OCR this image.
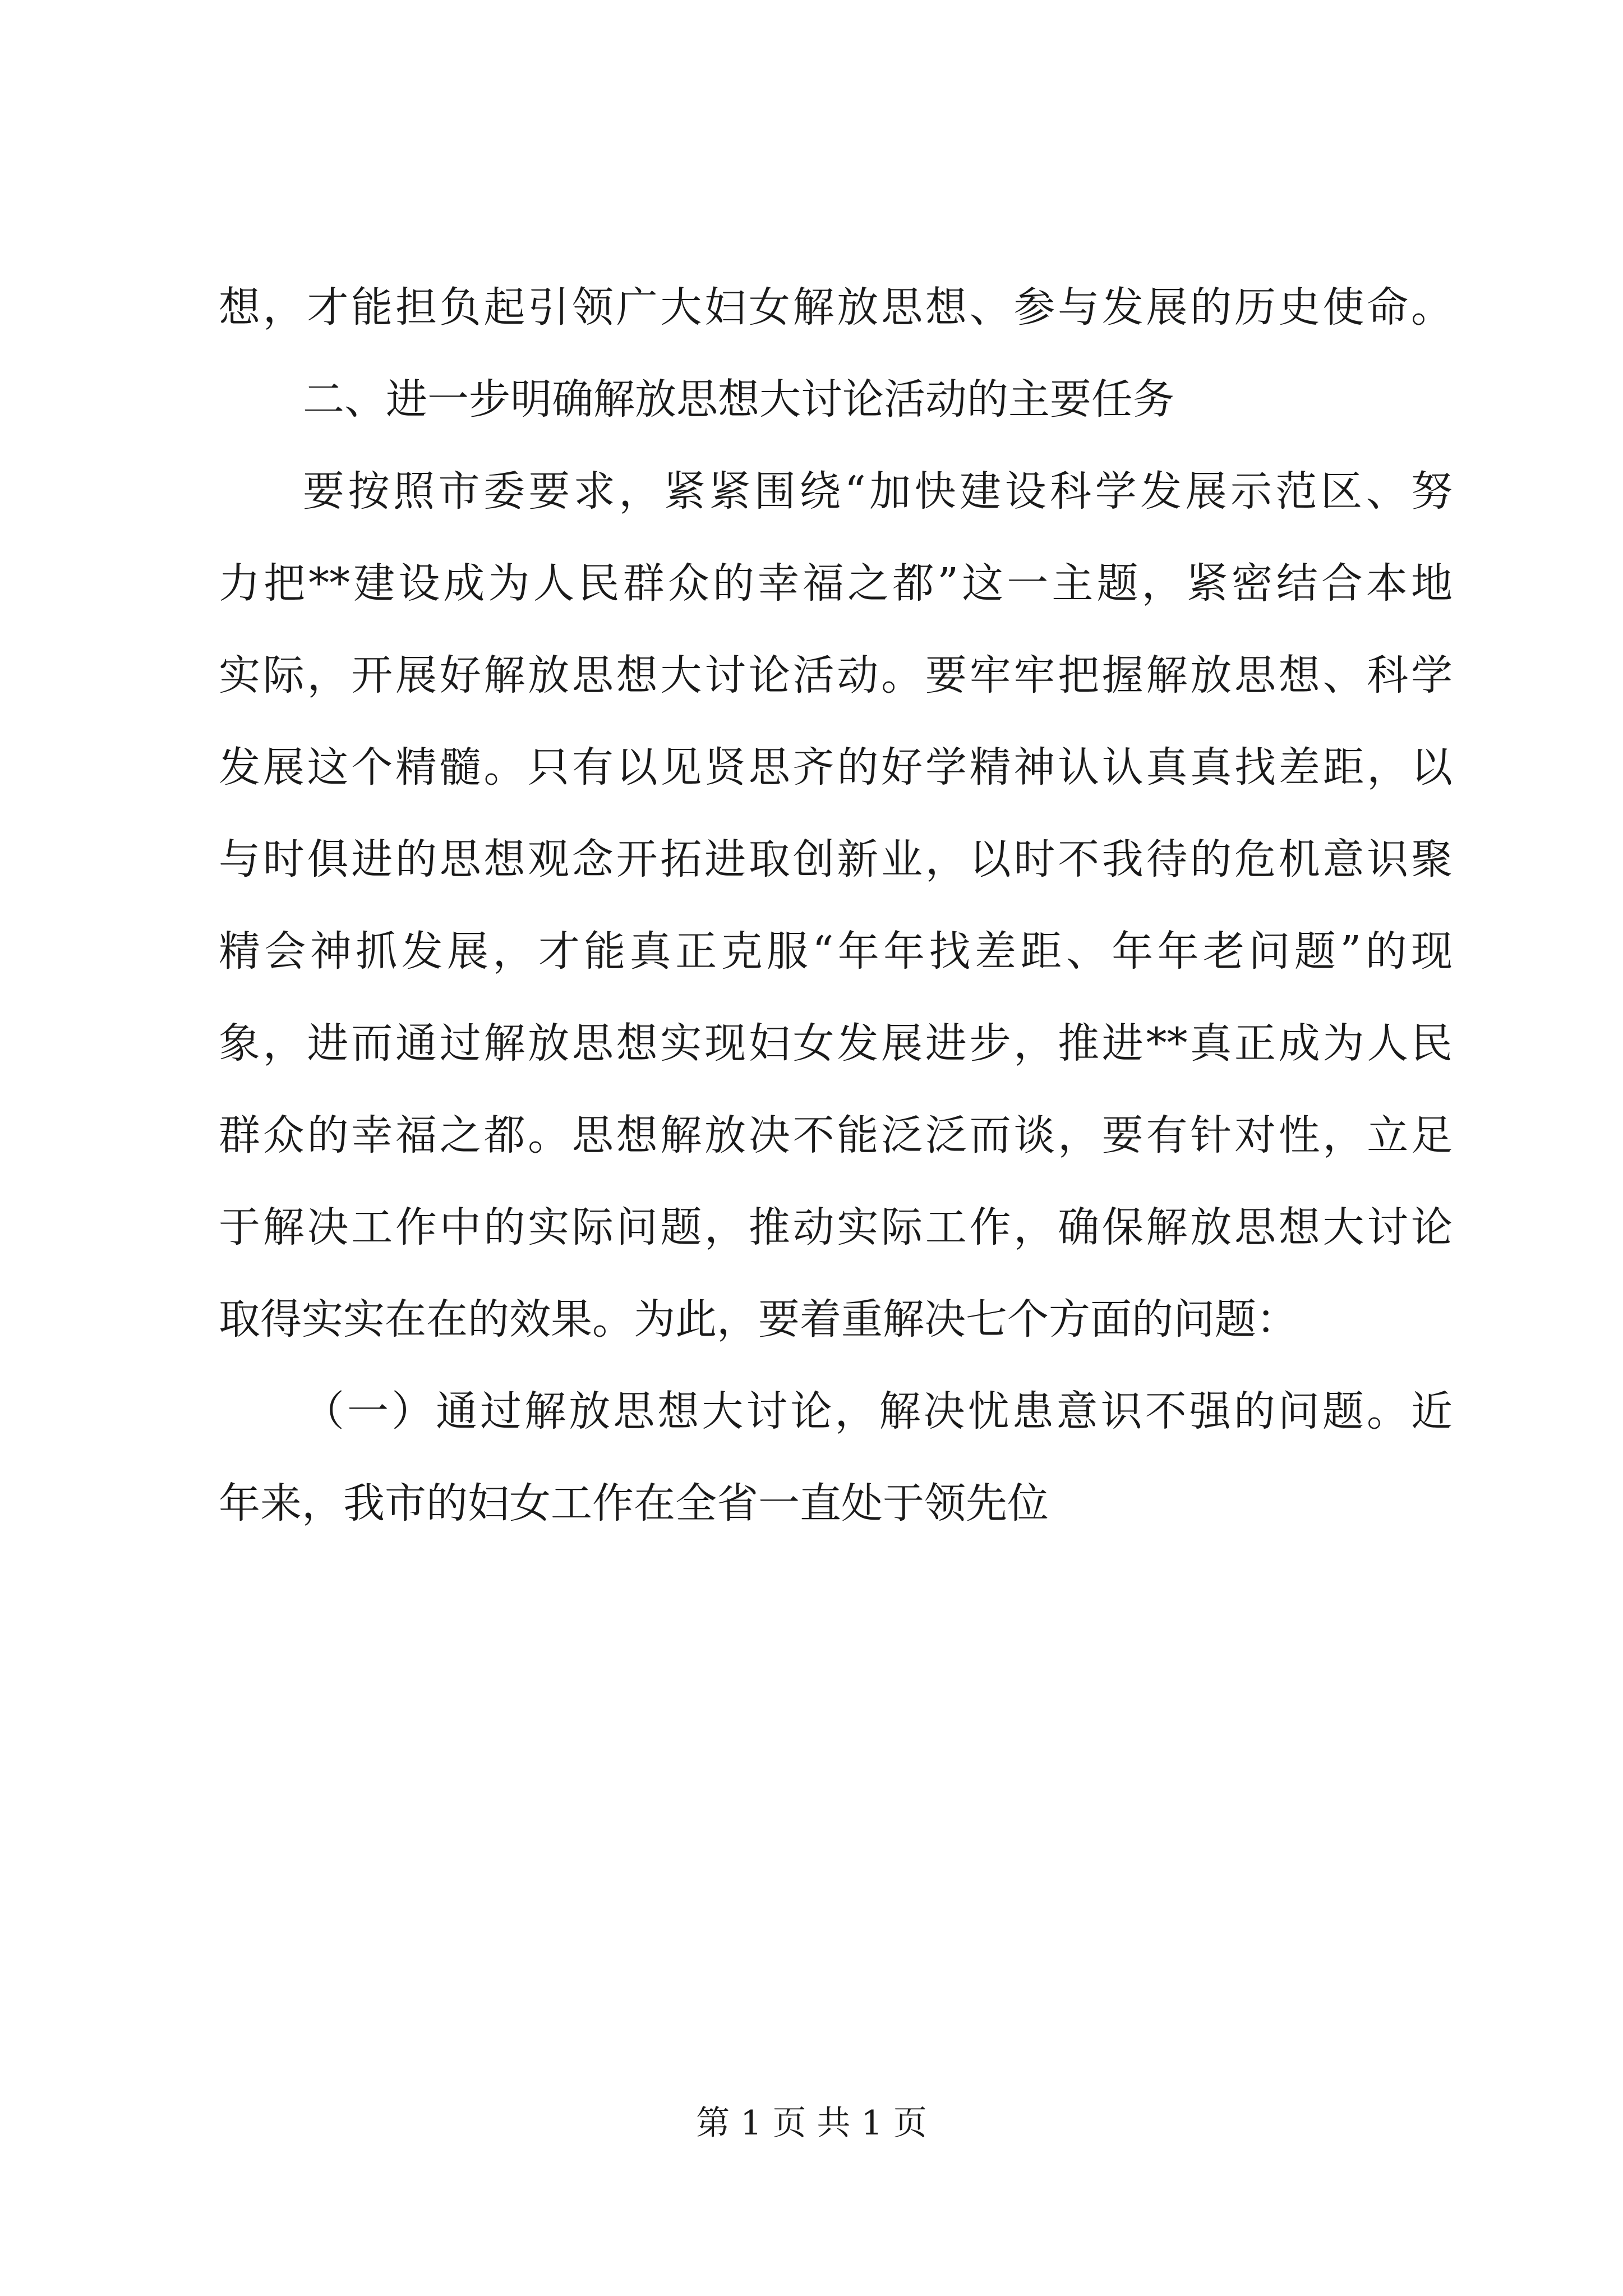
想，才能担负起引领广大妇女解放思想、参与发展的历史使命。
二、进一步明确解放思想大讨论活动的主要任务
要按照市委要求，紧紧围绕“加快建设科学发展示范区、努
力把**建设成为人民群众的幸福之都”这一主题，紧密结合本地
实际，开展好解放思想大讨论活动。要牢牢把握解放思想、科学
发展这个精髓。只有以见贤思齐的好学精神认认真真找差距，以
与时俱进的思想观念开拓进取创新业，以时不我待的危机意识聚
精会神抓发展，才能真正克服“年年找差距、年年老问题”的现
象，进而通过解放思想实现妇女发展进步，推进**真正成为人民
群众的幸福之都。思想解放决不能泛泛而谈，要有针对性，立足
于解决工作中的实际问题，推动实际工作，确保解放思想大讨论
取得实实在在的效果。为此，要着重解决七个方面的问题：
（一）通过解放思想大讨论，解决忧患意识不强的问题。近
年来，我市的妇女工作在全省一直处于领先位
第 1 页 共 1 页
